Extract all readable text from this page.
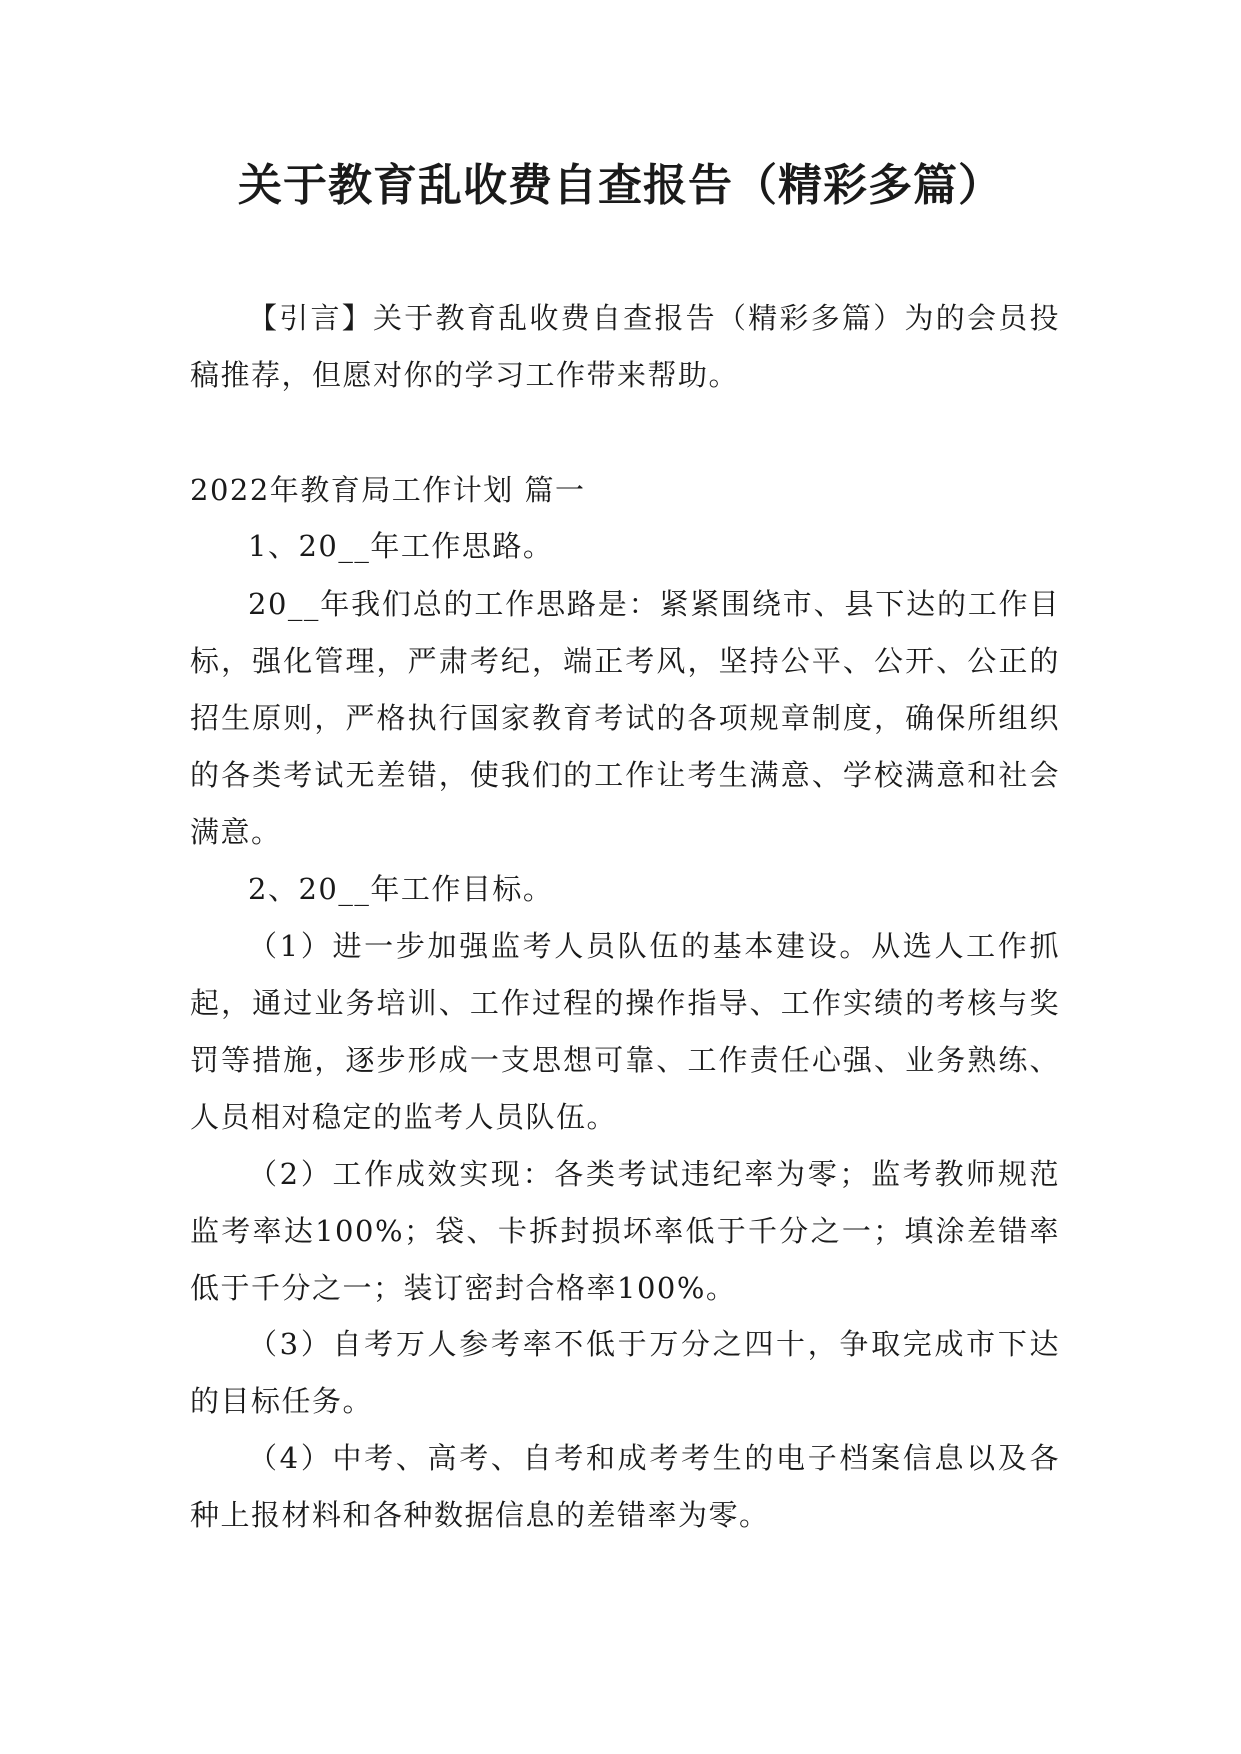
关于教育乱收费自查报告（精彩多篇）

【引言】关于教育乱收费自查报告（精彩多篇）为的会员投稿推荐，但愿对你的学习工作带来帮助。

2022年教育局工作计划 篇一

1、20__年工作思路。

20__年我们总的工作思路是：紧紧围绕市、县下达的工作目标，强化管理，严肃考纪，端正考风，坚持公平、公开、公正的招生原则，严格执行国家教育考试的各项规章制度，确保所组织的各类考试无差错，使我们的工作让考生满意、学校满意和社会满意。

2、20__年工作目标。

（1）进一步加强监考人员队伍的基本建设。从选人工作抓起，通过业务培训、工作过程的操作指导、工作实绩的考核与奖罚等措施，逐步形成一支思想可靠、工作责任心强、业务熟练、人员相对稳定的监考人员队伍。

（2）工作成效实现：各类考试违纪率为零；监考教师规范监考率达100%；袋、卡拆封损坏率低于千分之一；填涂差错率低于千分之一；装订密封合格率100%。

（3）自考万人参考率不低于万分之四十，争取完成市下达的目标任务。

（4）中考、高考、自考和成考考生的电子档案信息以及各种上报材料和各种数据信息的差错率为零。
